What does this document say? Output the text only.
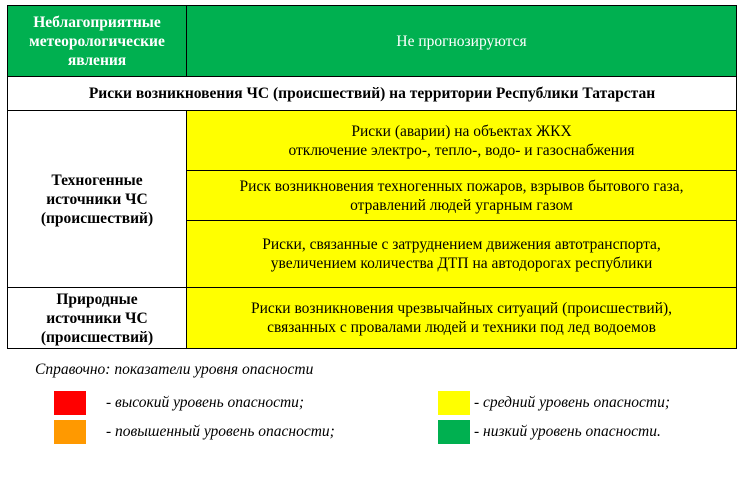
Неблагоприятные
метеорологические
явления	Не прогнозируются

Риски возникновения ЧС (происшествий) на территории Республики Татарстан	

Техногенные
источники ЧС
(происшествий)	Риски (аварии) на объектах ЖКХ
отключение электро-, тепло-, водо- и газоснабжения

	Риск возникновения техногенных пожаров, взрывов бытового газа,
отравлений людей угарным газом

	Риски, связанные с затруднением движения автотранспорта,
увеличением количества ДТП на автодорогах республики

Природные
источники ЧС
(происшествий)	Риски возникновения чрезвычайных ситуаций (происшествий),
связанных с провалами людей и техники под лед водоемов
Справочно: показатели уровня опасности
- высокий уровень опасности;
- повышенный уровень опасности;
- средний уровень опасности;
- низкий уровень опасности.
